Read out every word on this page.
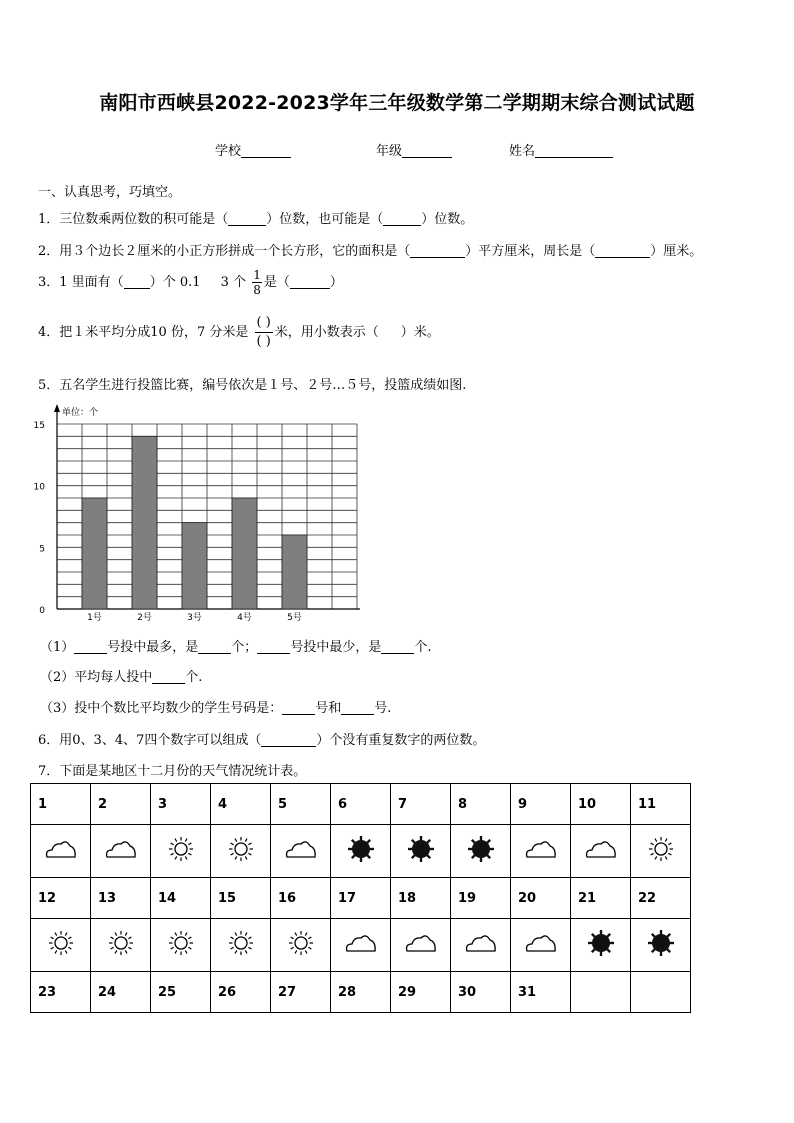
南阳市西峡县2022-2023学年三年级数学第二学期期末综合测试试题
学校	年级	姓名
一、认真思考，巧填空。
1．三位数乘两位数的积可能是（	）位数，也可能是（	）位数。
2．用３个边长２厘米的小正方形拼成一个长方形，它的面积是（	）平方厘米，周长是（	）厘米。
3．1 里面有（ ）个 0.1 3 个 $\frac{1}{8}$ 是（	）
4．把１米平均分成10 份，7 分米是
( )
( )
米，用小数表示（ ）米。
5．五名学生进行投篮比赛，编号依次是１号、２号…５号，投篮成绩如图.
单位：个
0
5
10
15
1号	2号	3号	4号	5号
（1）	号投中最多，是	个；	号投中最少，是	个.
（2）平均每人投中	个.
（3）投中个数比平均数少的学生号码是：	号和	号.
6．用0、3、4、7四个数字可以组成（	）个没有重复数字的两位数。
7．下面是某地区十二月份的天气情况统计表。
1	2	3	4	5	6	7	8	9	10	11

12	13	14	15	16	17	18	19	20	21	22

23	24	25	26	27	28	29	30	31		
